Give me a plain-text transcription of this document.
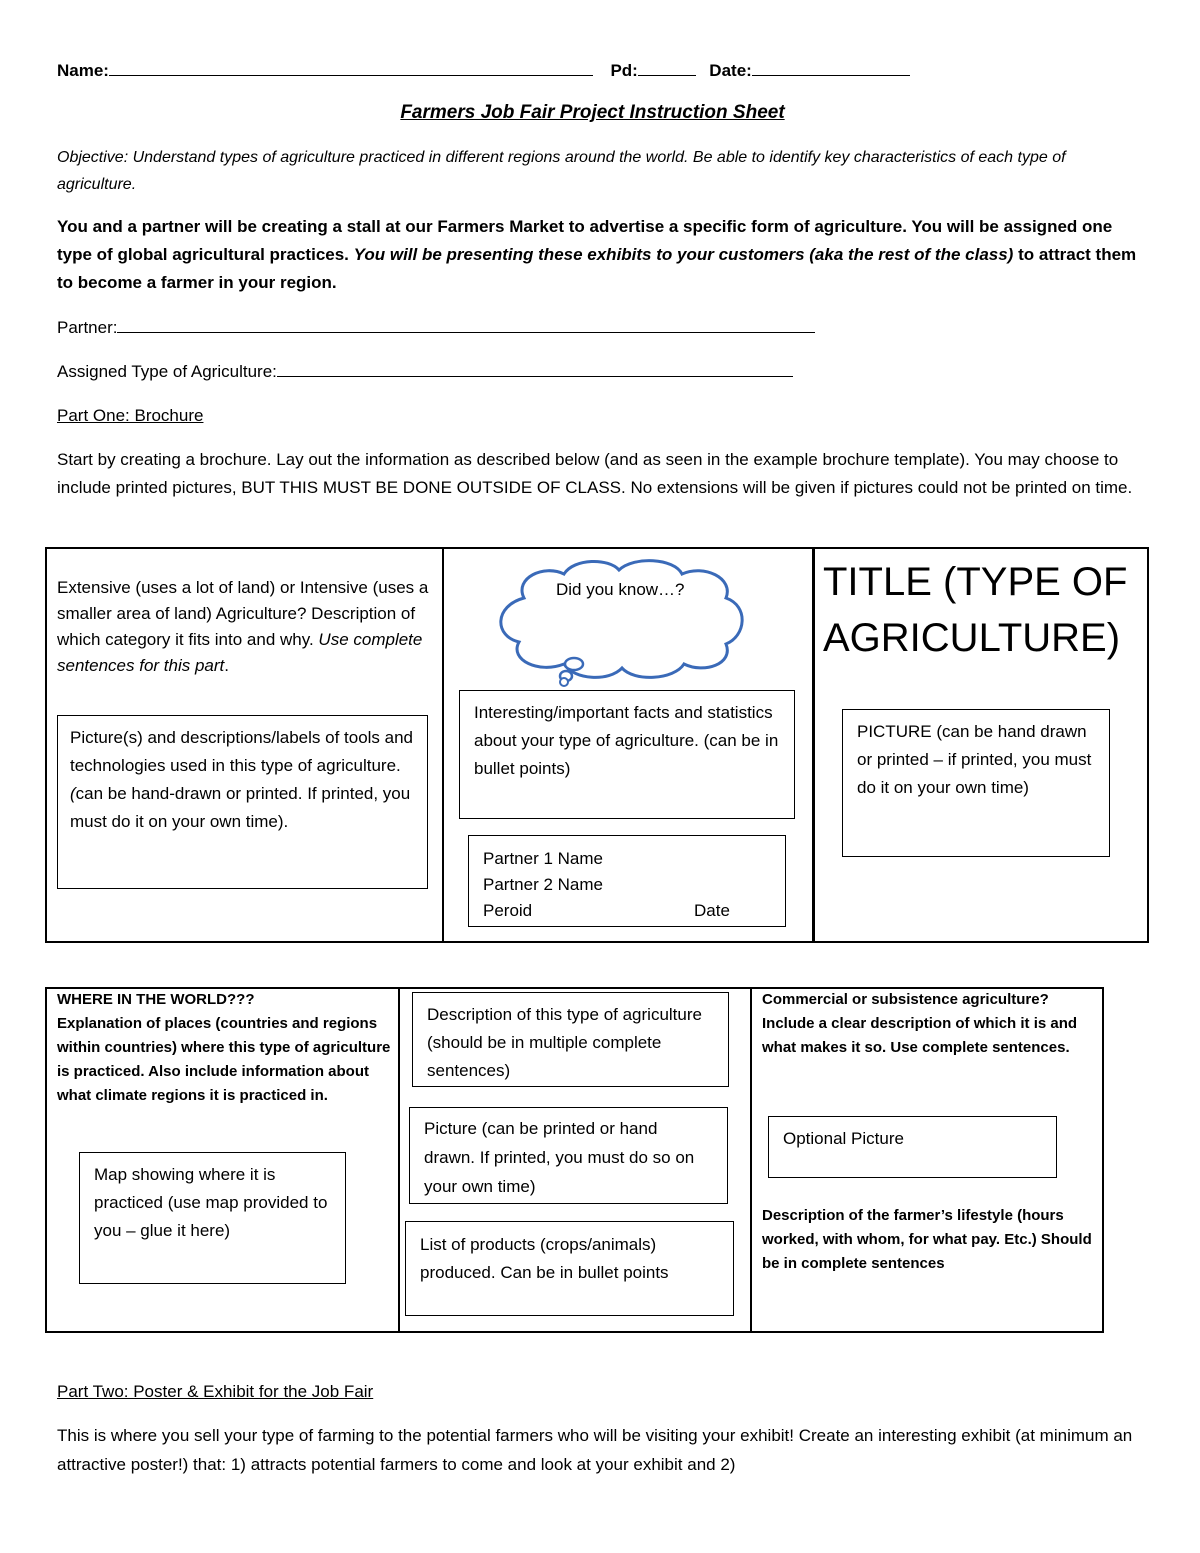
Name:	Pd:	Date:
Farmers Job Fair Project Instruction Sheet
Objective: Understand types of agriculture practiced in different regions around the world. Be able to identify key characteristics of each type of agriculture.
You and a partner will be creating a stall at our Farmers Market to advertise a specific form of agriculture. You will be assigned one type of global agricultural practices. You will be presenting these exhibits to your customers (aka the rest of the class) to attract them to become a farmer in your region.
Partner:
Assigned Type of Agriculture:
Part One: Brochure
Start by creating a brochure. Lay out the information as described below (and as seen in the example brochure template). You may choose to include printed pictures, BUT THIS MUST BE DONE OUTSIDE OF CLASS. No extensions will be given if pictures could not be printed on time.
Extensive (uses a lot of land) or Intensive (uses a smaller area of land) Agriculture? Description of which category it fits into and why. Use complete sentences for this part.
Picture(s) and descriptions/labels of tools and technologies used in this type of agriculture. (can be hand-drawn or printed. If printed, you must do it on your own time).
Did you know…?
Interesting/important facts and statistics about your type of agriculture. (can be in bullet points)
Partner 1 Name
Partner 2 Name
Peroid	Date
TITLE (TYPE OF AGRICULTURE)
PICTURE (can be hand drawn or printed – if printed, you must do it on your own time)
WHERE IN THE WORLD???
Explanation of places (countries and regions within countries) where this type of agriculture is practiced. Also include information about what climate regions it is practiced in.
Map showing where it is practiced (use map provided to you – glue it here)
Description of this type of agriculture (should be in multiple complete sentences)
Picture (can be printed or hand drawn. If printed, you must do so on your own time)
List of products (crops/animals) produced. Can be in bullet points
Commercial or subsistence agriculture? Include a clear description of which it is and what makes it so. Use complete sentences.
Optional Picture
Description of the farmer’s lifestyle (hours worked, with whom, for what pay. Etc.) Should be in complete sentences
Part Two: Poster & Exhibit for the Job Fair
This is where you sell your type of farming to the potential farmers who will be visiting your exhibit! Create an interesting exhibit (at minimum an attractive poster!) that: 1) attracts potential farmers to come and look at your exhibit and 2)
